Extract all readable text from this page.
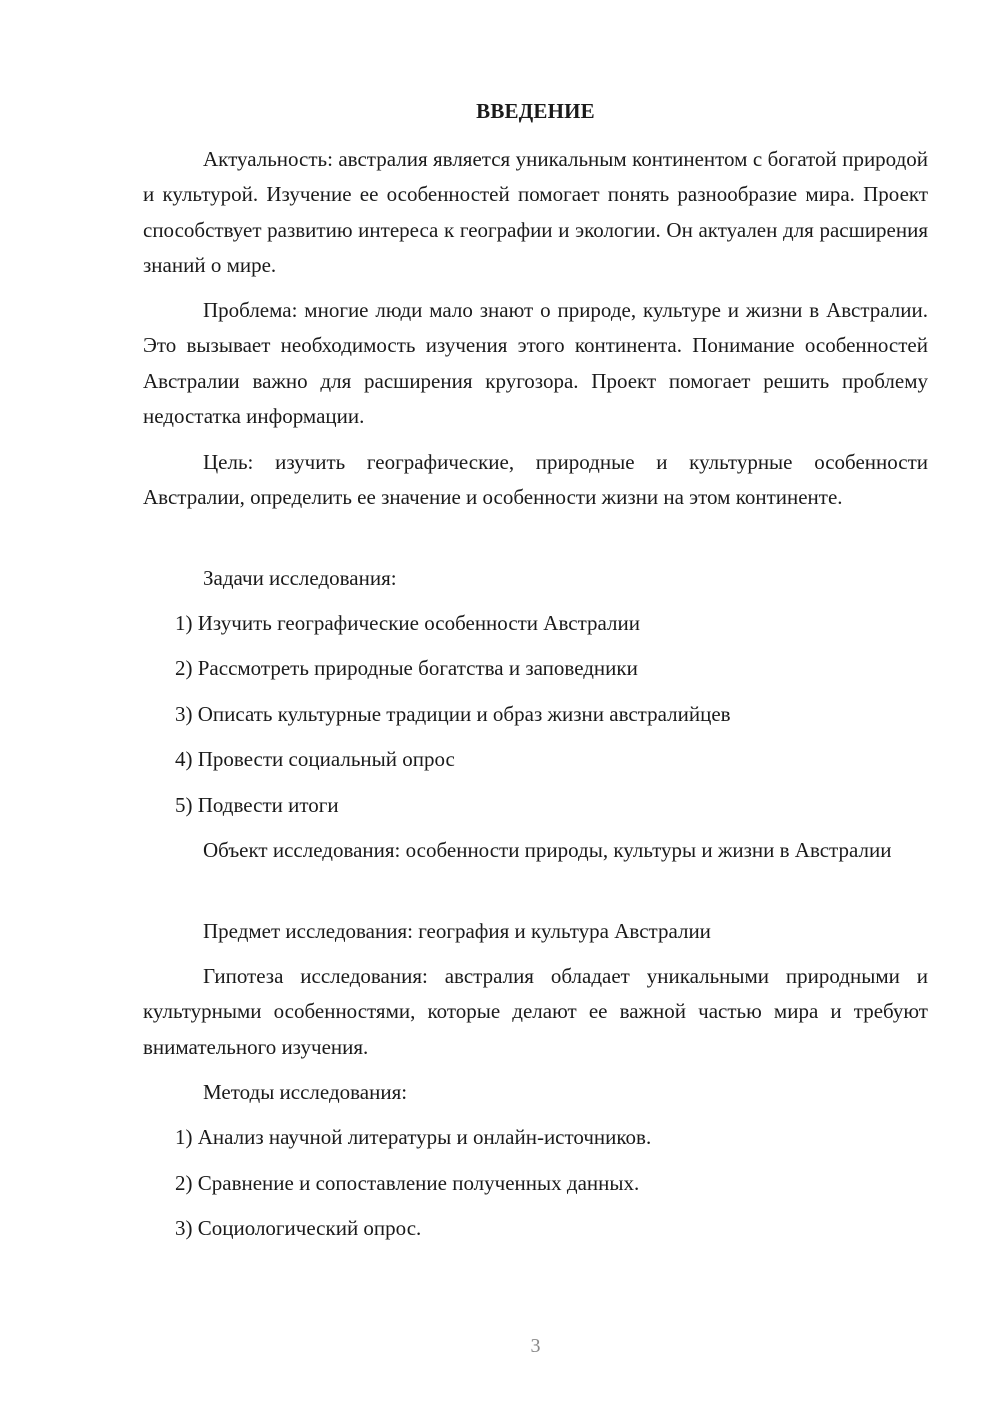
ВВЕДЕНИЕ

Актуальность: австралия является уникальным континентом с богатой природой и культурой. Изучение ее особенностей помогает понять разнообразие мира. Проект способствует развитию интереса к географии и экологии. Он актуален для расширения знаний о мире.

Проблема: многие люди мало знают о природе, культуре и жизни в Австралии. Это вызывает необходимость изучения этого континента. Понимание особенностей Австралии важно для расширения кругозора. Проект помогает решить проблему недостатка информации.

Цель: изучить географические, природные и культурные особенности Австралии, определить ее значение и особенности жизни на этом континенте.

Задачи исследования:

1) Изучить географические особенности Австралии

2) Рассмотреть природные богатства и заповедники

3) Описать культурные традиции и образ жизни австралийцев

4) Провести социальный опрос

5) Подвести итоги

Объект исследования: особенности природы, культуры и жизни в Австралии

Предмет исследования: география и культура Австралии

Гипотеза исследования: австралия обладает уникальными природными и культурными особенностями, которые делают ее важной частью мира и требуют внимательного изучения.

Методы исследования:

1) Анализ научной литературы и онлайн-источников.

2) Сравнение и сопоставление полученных данных.

3) Социологический опрос.

3
